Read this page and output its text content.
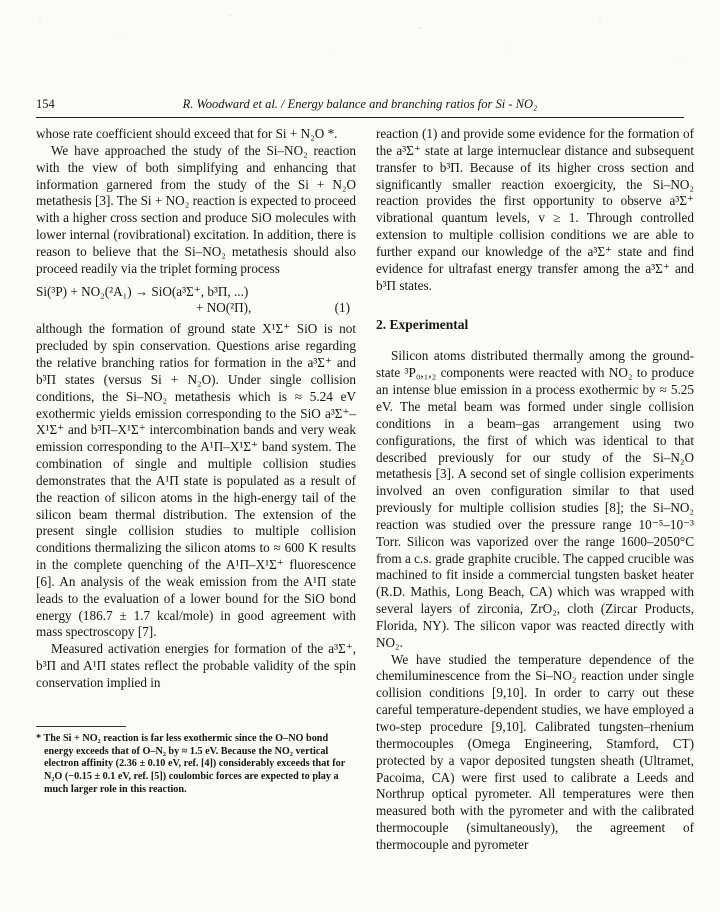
154	R. Woodward et al. / Energy balance and branching ratios for Si - NO₂

whose rate coefficient should exceed that for Si + N₂O *.

We have approached the study of the Si–NO₂ reaction with the view of both simplifying and enhancing that information garnered from the study of the Si + N₂O metathesis [3]. The Si + NO₂ reaction is expected to proceed with a higher cross section and produce SiO molecules with lower internal (rovibrational) excitation. In addition, there is reason to believe that the Si–NO₂ metathesis should also proceed readily via the triplet forming process

Si(³P) + NO₂(²A₁) → SiO(a³Σ⁺, b³Π, ...)
+ NO(²Π),	(1)

although the formation of ground state X¹Σ⁺ SiO is not precluded by spin conservation. Questions arise regarding the relative branching ratios for formation in the a³Σ⁺ and b³Π states (versus Si + N₂O). Under single collision conditions, the Si–NO₂ metathesis which is ≈ 5.24 eV exothermic yields emission corresponding to the SiO a³Σ⁺–X¹Σ⁺ and b³Π–X¹Σ⁺ intercombination bands and very weak emission corresponding to the A¹Π–X¹Σ⁺ band system. The combination of single and multiple collision studies demonstrates that the A¹Π state is populated as a result of the reaction of silicon atoms in the high-energy tail of the silicon beam thermal distribution. The extension of the present single collision studies to multiple collision conditions thermalizing the silicon atoms to ≈ 600 K results in the complete quenching of the A¹Π–X¹Σ⁺ fluorescence [6]. An analysis of the weak emission from the A¹Π state leads to the evaluation of a lower bound for the SiO bond energy (186.7 ± 1.7 kcal/mole) in good agreement with mass spectroscopy [7].

Measured activation energies for formation of the a³Σ⁺, b³Π and A¹Π states reflect the probable validity of the spin conservation implied in

* The Si + NO₂ reaction is far less exothermic since the O–NO bond energy exceeds that of O–N₂ by ≈ 1.5 eV. Because the NO₂ vertical electron affinity (2.36 ± 0.10 eV, ref. [4]) considerably exceeds that for N₂O (−0.15 ± 0.1 eV, ref. [5]) coulombic forces are expected to play a much larger role in this reaction.

reaction (1) and provide some evidence for the formation of the a³Σ⁺ state at large internuclear distance and subsequent transfer to b³Π. Because of its higher cross section and significantly smaller reaction exoergicity, the Si–NO₂ reaction provides the first opportunity to observe a³Σ⁺ vibrational quantum levels, v ≥ 1. Through controlled extension to multiple collision conditions we are able to further expand our knowledge of the a³Σ⁺ state and find evidence for ultrafast energy transfer among the a³Σ⁺ and b³Π states.

2. Experimental

Silicon atoms distributed thermally among the ground-state ³P₀,₁,₂ components were reacted with NO₂ to produce an intense blue emission in a process exothermic by ≈ 5.25 eV. The metal beam was formed under single collision conditions in a beam–gas arrangement using two configurations, the first of which was identical to that described previously for our study of the Si–N₂O metathesis [3]. A second set of single collision experiments involved an oven configuration similar to that used previously for multiple collision studies [8]; the Si–NO₂ reaction was studied over the pressure range 10⁻⁵–10⁻³ Torr. Silicon was vaporized over the range 1600–2050°C from a c.s. grade graphite crucible. The capped crucible was machined to fit inside a commercial tungsten basket heater (R.D. Mathis, Long Beach, CA) which was wrapped with several layers of zirconia, ZrO₂, cloth (Zircar Products, Florida, NY). The silicon vapor was reacted directly with NO₂.

We have studied the temperature dependence of the chemiluminescence from the Si–NO₂ reaction under single collision conditions [9,10]. In order to carry out these careful temperature-dependent studies, we have employed a two-step procedure [9,10]. Calibrated tungsten–rhenium thermocouples (Omega Engineering, Stamford, CT) protected by a vapor deposited tungsten sheath (Ultramet, Pacoima, CA) were first used to calibrate a Leeds and Northrup optical pyrometer. All temperatures were then measured both with the pyrometer and with the calibrated thermocouple (simultaneously), the agreement of thermocouple and pyrometer
